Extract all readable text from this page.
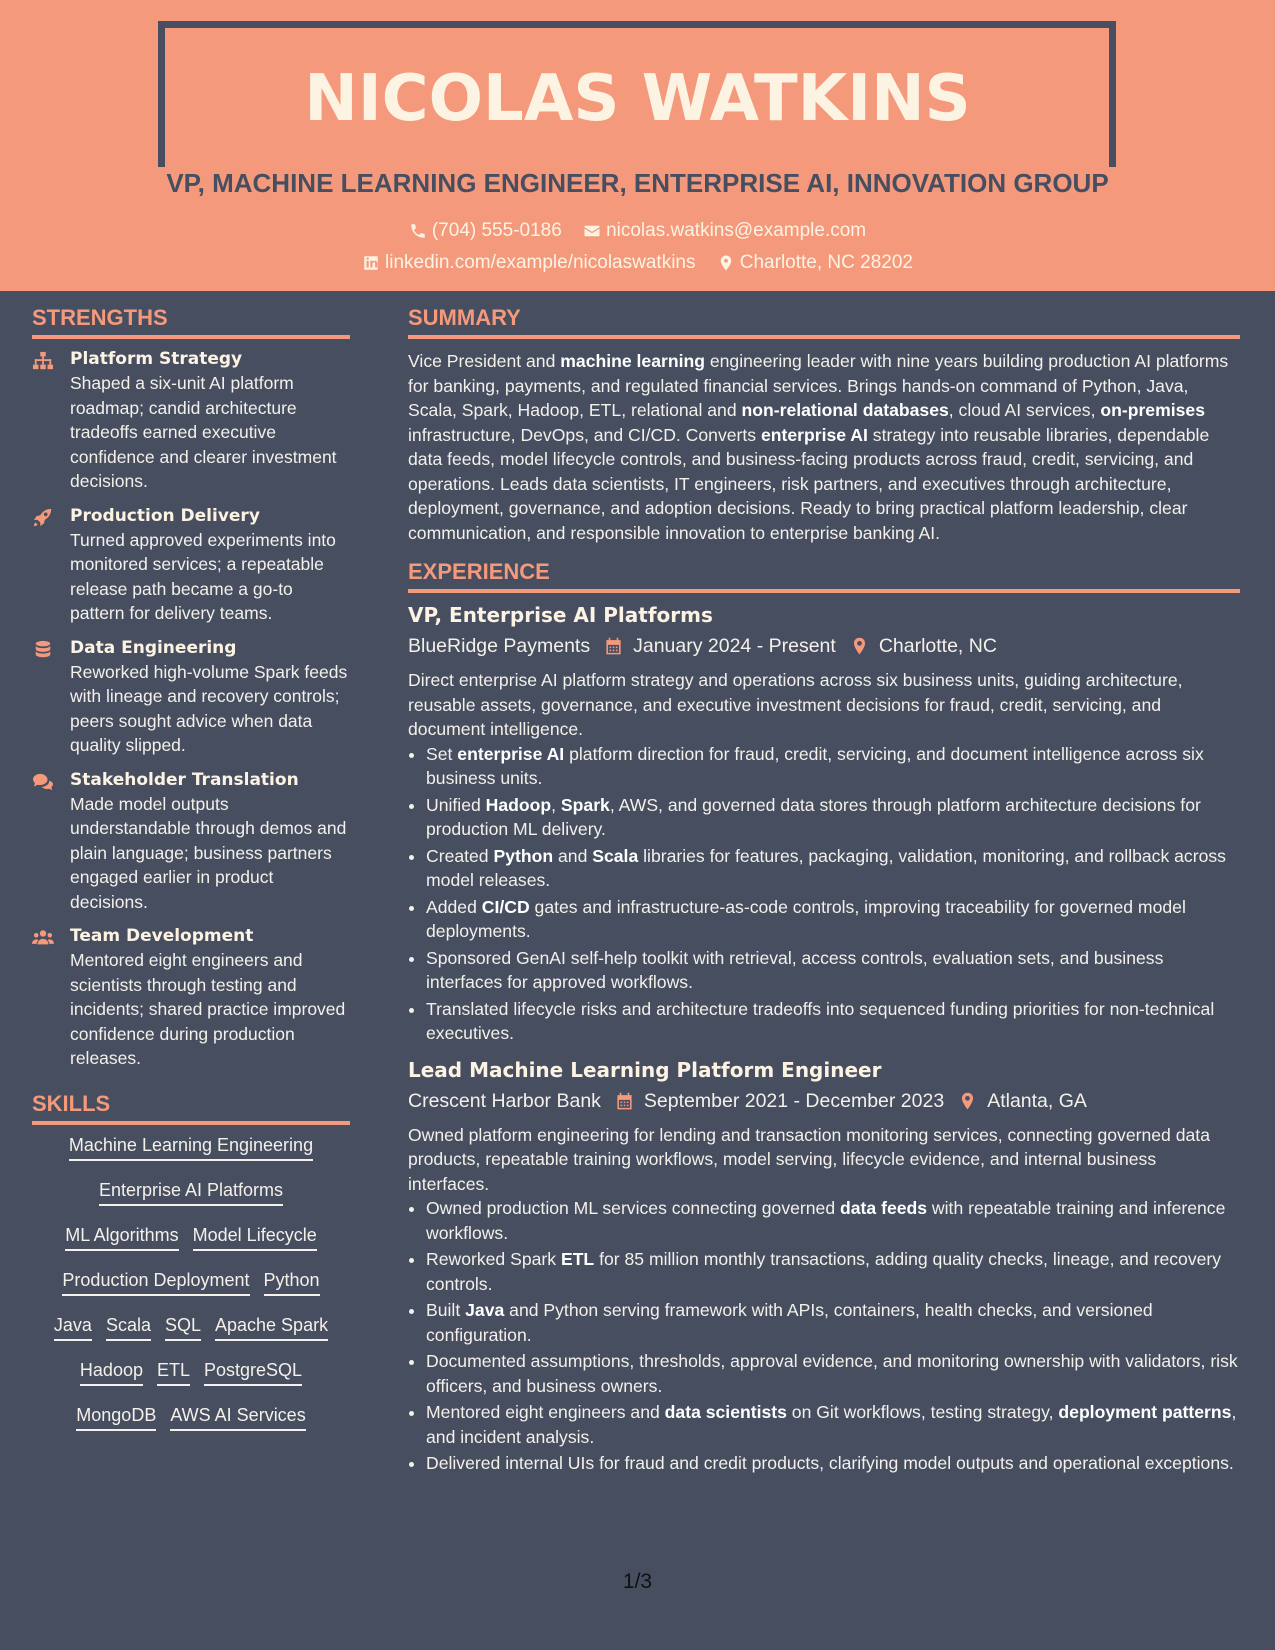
NICOLAS WATKINS
VP, MACHINE LEARNING ENGINEER, ENTERPRISE AI, INNOVATION GROUP
(704) 555-0186
nicolas.watkins@example.com
linkedin.com/example/nicolaswatkins
Charlotte, NC 28202
STRENGTHS
Platform Strategy

Shaped a six-unit AI platform roadmap; candid architecture tradeoffs earned executive confidence and clearer investment decisions.

Production Delivery

Turned approved experiments into monitored services; a repeatable release path became a go-to pattern for delivery teams.

Data Engineering

Reworked high-volume Spark feeds with lineage and recovery controls; peers sought advice when data quality slipped.

Stakeholder Translation

Made model outputs understandable through demos and plain language; business partners engaged earlier in product decisions.

Team Development

Mentored eight engineers and scientists through testing and incidents; shared practice improved confidence during production releases.

SKILLS
Machine Learning Engineering
Enterprise AI Platforms
ML Algorithms Model Lifecycle
Production Deployment Python
Java Scala SQL Apache Spark
Hadoop ETL PostgreSQL
MongoDB AWS AI Services
SUMMARY

Vice President and machine learning engineering leader with nine years building production AI platforms for banking, payments, and regulated financial services. Brings hands-on command of Python, Java, Scala, Spark, Hadoop, ETL, relational and non-relational databases, cloud AI services, on-premises infrastructure, DevOps, and CI/CD. Converts enterprise AI strategy into reusable libraries, dependable data feeds, model lifecycle controls, and business-facing products across fraud, credit, servicing, and operations. Leads data scientists, IT engineers, risk partners, and executives through architecture, deployment, governance, and adoption decisions. Ready to bring practical platform leadership, clear communication, and responsible innovation to enterprise banking AI.

EXPERIENCE
VP, Enterprise AI Platforms
BlueRidge Payments January 2024 - Present Charlotte, NC

Direct enterprise AI platform strategy and operations across six business units, guiding architecture, reusable assets, governance, and executive investment decisions for fraud, credit, servicing, and document intelligence.

• Set enterprise AI platform direction for fraud, credit, servicing, and document intelligence across six business units.
• Unified Hadoop, Spark, AWS, and governed data stores through platform architecture decisions for production ML delivery.
• Created Python and Scala libraries for features, packaging, validation, monitoring, and rollback across model releases.
• Added CI/CD gates and infrastructure-as-code controls, improving traceability for governed model deployments.
• Sponsored GenAI self-help toolkit with retrieval, access controls, evaluation sets, and business interfaces for approved workflows.
• Translated lifecycle risks and architecture tradeoffs into sequenced funding priorities for non-technical executives.
Lead Machine Learning Platform Engineer
Crescent Harbor Bank September 2021 - December 2023 Atlanta, GA

Owned platform engineering for lending and transaction monitoring services, connecting governed data products, repeatable training workflows, model serving, lifecycle evidence, and internal business interfaces.

• Owned production ML services connecting governed data feeds with repeatable training and inference workflows.
• Reworked Spark ETL for 85 million monthly transactions, adding quality checks, lineage, and recovery controls.
• Built Java and Python serving framework with APIs, containers, health checks, and versioned configuration.
• Documented assumptions, thresholds, approval evidence, and monitoring ownership with validators, risk officers, and business owners.
• Mentored eight engineers and data scientists on Git workflows, testing strategy, deployment patterns, and incident analysis.
• Delivered internal UIs for fraud and credit products, clarifying model outputs and operational exceptions.
1/3
